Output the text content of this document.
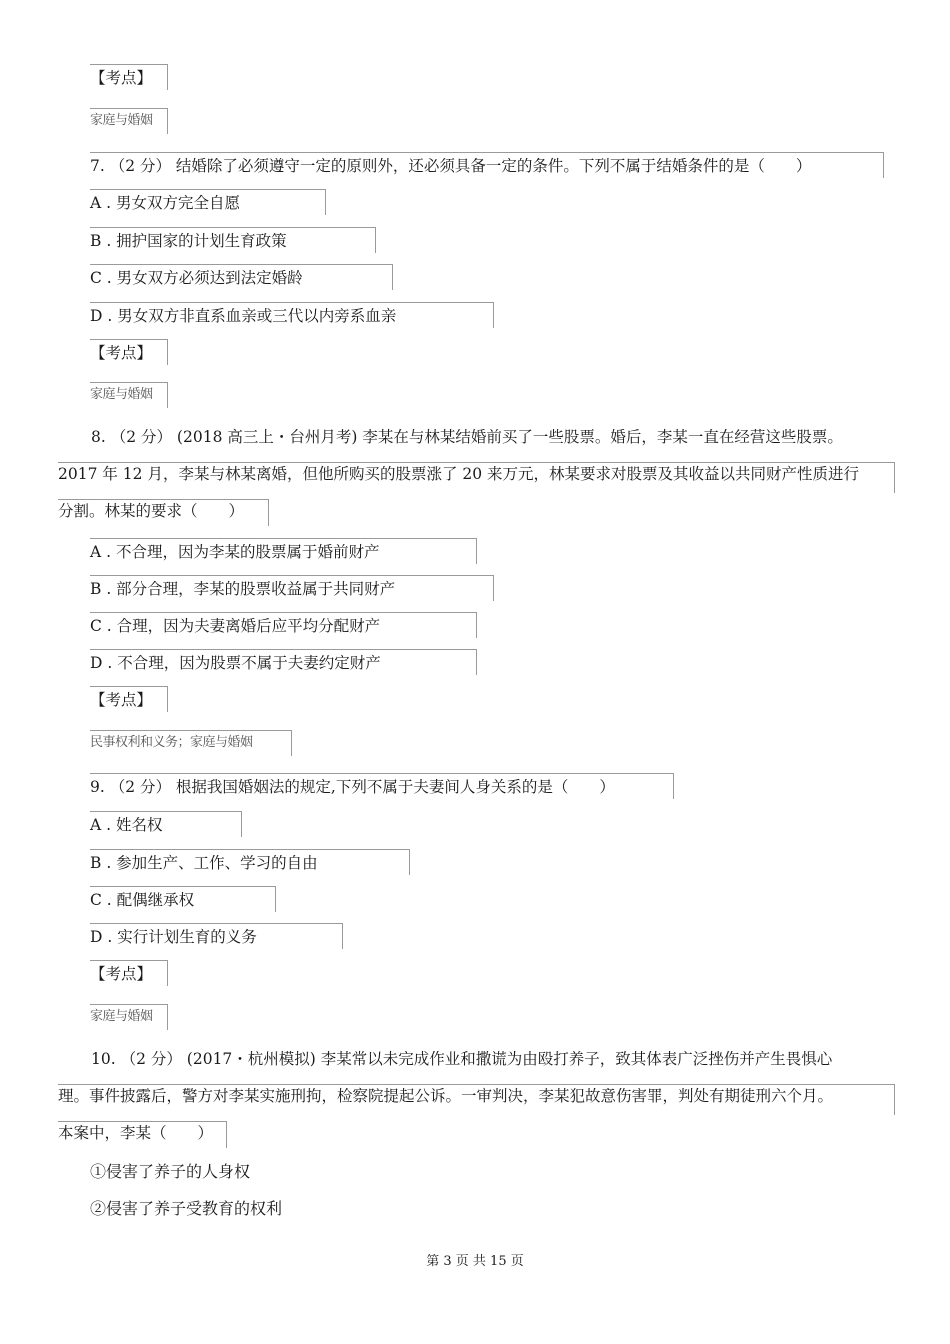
【考点】
家庭与婚姻
7. （2 分） 结婚除了必须遵守一定的原则外，还必须具备一定的条件。下列不属于结婚条件的是（　　）
A . 男女双方完全自愿
B . 拥护国家的计划生育政策
C . 男女双方必须达到法定婚龄
D . 男女双方非直系血亲或三代以内旁系血亲
【考点】
家庭与婚姻
8. （2 分） (2018 高三上・台州月考) 李某在与林某结婚前买了一些股票。婚后，李某一直在经营这些股票。
2017 年 12 月，李某与林某离婚，但他所购买的股票涨了 20 来万元，林某要求对股票及其收益以共同财产性质进行
分割。林某的要求（　　）
A . 不合理，因为李某的股票属于婚前财产
B . 部分合理，李某的股票收益属于共同财产
C . 合理，因为夫妻离婚后应平均分配财产
D . 不合理，因为股票不属于夫妻约定财产
【考点】
民事权利和义务；家庭与婚姻
9. （2 分） 根据我国婚姻法的规定,下列不属于夫妻间人身关系的是（　　）
A . 姓名权
B . 参加生产、工作、学习的自由
C . 配偶继承权
D . 实行计划生育的义务
【考点】
家庭与婚姻
10. （2 分） (2017・杭州模拟) 李某常以未完成作业和撒谎为由殴打养子，致其体表广泛挫伤并产生畏惧心
理。事件披露后，警方对李某实施刑拘，检察院提起公诉。一审判决，李某犯故意伤害罪，判处有期徒刑六个月。
本案中，李某（　　）
①侵害了养子的人身权
②侵害了养子受教育的权利
第 3 页 共 15 页
